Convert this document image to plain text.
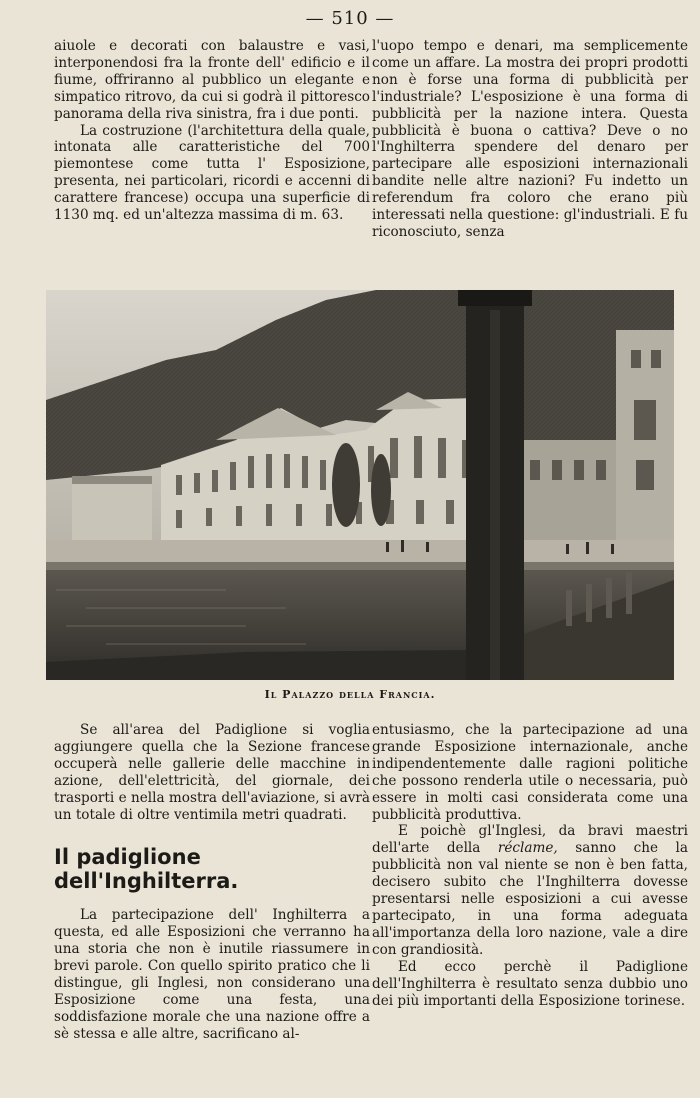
— 510 —

aiuole e decorati con balaustre e vasi, interponendosi fra la fronte dell' edificio e il fiume, offriranno al pubblico un elegante e simpatico ritrovo, da cui si godrà il pittoresco panorama della riva sinistra, fra i due ponti.

La costruzione (l'architettura della quale, intonata alle caratteristiche del 700 piemontese come tutta l' Esposizione, presenta, nei particolari, ricordi e accenni di carattere francese) occupa una superficie di 1130 mq. ed un'altezza massima di m. 63.

l'uopo tempo e denari, ma semplicemente come un affare. La mostra dei propri prodotti non è forse una forma di pubblicità per l'industriale? L'esposizione è una forma di pubblicità per la nazione intera. Questa pubblicità è buona o cattiva? Deve o no l'Inghilterra spendere del denaro per partecipare alle esposizioni internazionali bandite nelle altre nazioni? Fu indetto un referendum fra coloro che erano più interessati nella questione: gl'industriali. E fu riconosciuto, senza

Il Palazzo della Francia.

Se all'area del Padiglione si voglia aggiungere quella che la Sezione francese occuperà nelle gallerie delle macchine in azione, dell'elettricità, del giornale, dei trasporti e nella mostra dell'aviazione, si avrà un totale di oltre ventimila metri quadrati.

Il padiglione dell'Inghilterra.

La partecipazione dell' Inghilterra a questa, ed alle Esposizioni che verranno ha una storia che non è inutile riassumere in brevi parole. Con quello spirito pratico che li distingue, gli Inglesi, non considerano una Esposizione come una festa, una soddisfazione morale che una nazione offre a sè stessa e alle altre, sacrificano al-

entusiasmo, che la partecipazione ad una grande Esposizione internazionale, anche indipendentemente dalle ragioni politiche che possono renderla utile o necessaria, può essere in molti casi considerata come una pubblicità produttiva.

E poichè gl'Inglesi, da bravi maestri dell'arte della réclame, sanno che la pubblicità non val niente se non è ben fatta, decisero subito che l'Inghilterra dovesse presentarsi nelle esposizioni a cui avesse partecipato, in una forma adeguata all'importanza della loro nazione, vale a dire con grandiosità.

Ed ecco perchè il Padiglione dell'Inghilterra è resultato senza dubbio uno dei più importanti della Esposizione torinese.
